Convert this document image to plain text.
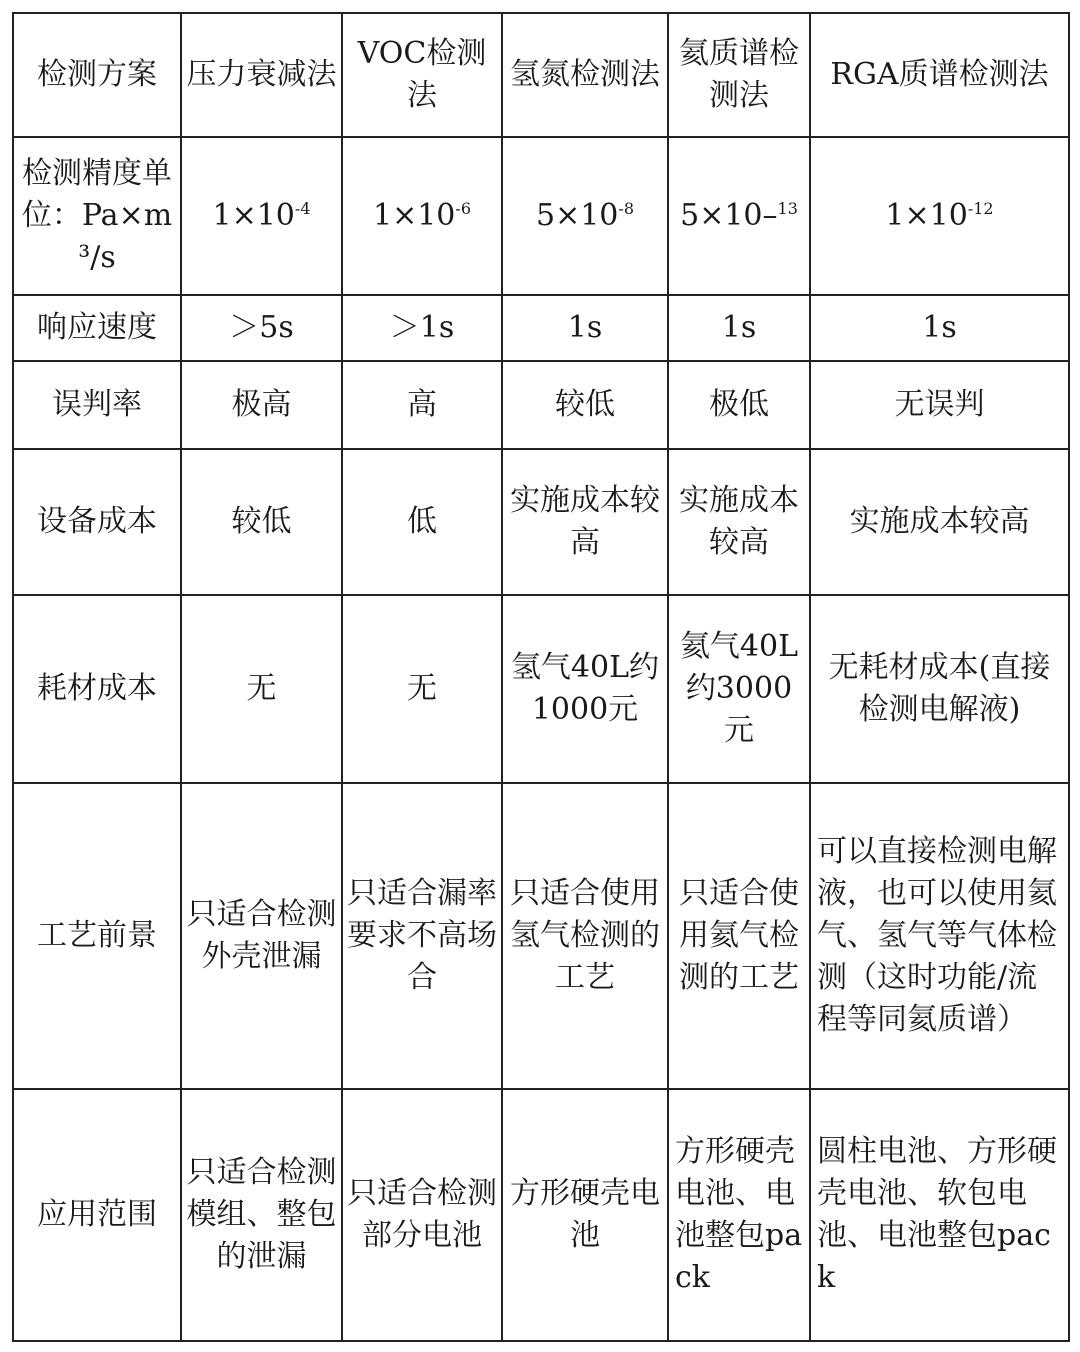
检测方案	压力衰减法	VOC检测法	氢氮检测法	氦质谱检测法	RGA质谱检测法
检测精度单位：Pa×m³/s	$1\times 10^{-4}$	$1\times 10^{-6}$	$5\times 10^{-8}$	5×10–$^{13}$	$1\times 10^{-12}$
响应速度	＞5s	＞1s	1s	1s	1s
误判率	极高	高	较低	极低	无误判
设备成本	较低	低	实施成本较高	实施成本较高	实施成本较高
耗材成本	无	无	氢气40L约1000元	氦气40L约3000元	无耗材成本(直接检测电解液)
工艺前景	只适合检测外壳泄漏	只适合漏率要求不高场合	只适合使用氢气检测的工艺	只适合使用氦气检测的工艺	可以直接检测电解液，也可以使用氦气、氢气等气体检测（这时功能/流程等同氦质谱）
应用范围	只适合检测模组、整包的泄漏	只适合检测部分电池	方形硬壳电池	方形硬壳电池、电池整包pack	圆柱电池、方形硬壳电池、软包电池、电池整包pack
